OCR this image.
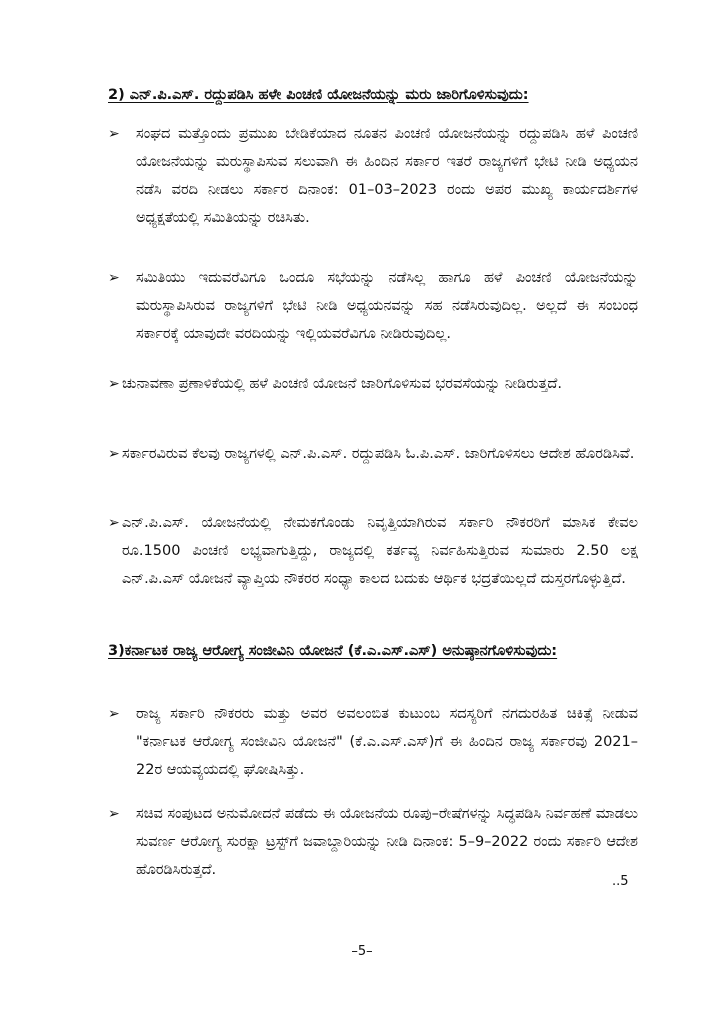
2) ಎನ್.ಪಿ.ಎಸ್. ರದ್ದುಪಡಿಸಿ ಹಳೇ ಪಿಂಚಣಿ ಯೋಜನೆಯನ್ನು ಮರು ಜಾರಿಗೊಳಿಸುವುದು:
➢ ಸಂಘದ ಮತ್ತೊಂದು ಪ್ರಮುಖ ಬೇಡಿಕೆಯಾದ ನೂತನ ಪಿಂಚಣಿ ಯೋಜನೆಯನ್ನು ರದ್ದುಪಡಿಸಿ ಹಳೆ ಪಿಂಚಣಿ ಯೋಜನೆಯನ್ನು ಮರುಸ್ಥಾಪಿಸುವ ಸಲುವಾಗಿ ಈ ಹಿಂದಿನ ಸರ್ಕಾರ ಇತರೆ ರಾಜ್ಯಗಳಿಗೆ ಭೇಟಿ ನೀಡಿ ಅಧ್ಯಯನ ನಡೆಸಿ ವರದಿ ನೀಡಲು ಸರ್ಕಾರ ದಿನಾಂಕ: 01–03–2023 ರಂದು ಅಪರ ಮುಖ್ಯ ಕಾರ್ಯದರ್ಶಿಗಳ ಅಧ್ಯಕ್ಷತೆಯಲ್ಲಿ ಸಮಿತಿಯನ್ನು ರಚಿಸಿತು.
➢ ಸಮಿತಿಯು ಇದುವರೆವಿಗೂ ಒಂದೂ ಸಭೆಯನ್ನು ನಡೆಸಿಲ್ಲ ಹಾಗೂ ಹಳೆ ಪಿಂಚಣಿ ಯೋಜನೆಯನ್ನು ಮರುಸ್ಥಾಪಿಸಿರುವ ರಾಜ್ಯಗಳಿಗೆ ಭೇಟಿ ನೀಡಿ ಅಧ್ಯಯನವನ್ನು ಸಹ ನಡೆಸಿರುವುದಿಲ್ಲ. ಅಲ್ಲದೆ ಈ ಸಂಬಂಧ ಸರ್ಕಾರಕ್ಕೆ ಯಾವುದೇ ವರದಿಯನ್ನು ಇಲ್ಲಿಯವರೆವಿಗೂ ನೀಡಿರುವುದಿಲ್ಲ.
➢ ಚುನಾವಣಾ ಪ್ರಣಾಳಿಕೆಯಲ್ಲಿ ಹಳೆ ಪಿಂಚಣಿ ಯೋಜನೆ ಜಾರಿಗೊಳಿಸುವ ಭರವಸೆಯನ್ನು ನೀಡಿರುತ್ತದೆ.
➢ ಸರ್ಕಾರವಿರುವ ಕೆಲವು ರಾಜ್ಯಗಳಲ್ಲಿ ಎನ್.ಪಿ.ಎಸ್. ರದ್ದುಪಡಿಸಿ ಓ.ಪಿ.ಎಸ್. ಜಾರಿಗೊಳಿಸಲು ಆದೇಶ ಹೊರಡಿಸಿವೆ.
➢ ಎನ್.ಪಿ.ಎಸ್. ಯೋಜನೆಯಲ್ಲಿ ನೇಮಕಗೊಂಡು ನಿವೃತ್ತಿಯಾಗಿರುವ ಸರ್ಕಾರಿ ನೌಕರರಿಗೆ ಮಾಸಿಕ ಕೇವಲ ರೂ.1500 ಪಿಂಚಣಿ ಲಭ್ಯವಾಗುತ್ತಿದ್ದು, ರಾಜ್ಯದಲ್ಲಿ ಕರ್ತವ್ಯ ನಿರ್ವಹಿಸುತ್ತಿರುವ ಸುಮಾರು 2.50 ಲಕ್ಷ ಎನ್.ಪಿ.ಎಸ್ ಯೋಜನೆ ವ್ಯಾಪ್ತಿಯ ನೌಕರರ ಸಂಧ್ಯಾ ಕಾಲದ ಬದುಕು ಆರ್ಥಿಕ ಭದ್ರತೆಯಿಲ್ಲದೆ ದುಸ್ತರಗೊಳ್ಳುತ್ತಿದೆ.
3)ಕರ್ನಾಟಕ ರಾಜ್ಯ ಆರೋಗ್ಯ ಸಂಜೀವಿನಿ ಯೋಜನೆ (ಕೆ.ಎ.ಎಸ್.ಎಸ್) ಅನುಷ್ಠಾನಗೊಳಿಸುವುದು:
➢ ರಾಜ್ಯ ಸರ್ಕಾರಿ ನೌಕರರು ಮತ್ತು ಅವರ ಅವಲಂಬಿತ ಕುಟುಂಬ ಸದಸ್ಯರಿಗೆ ನಗದುರಹಿತ ಚಿಕಿತ್ಸೆ ನೀಡುವ "ಕರ್ನಾಟಕ ಆರೋಗ್ಯ ಸಂಜೀವಿನಿ ಯೋಜನೆ" (ಕೆ.ಎ.ಎಸ್.ಎಸ್)ಗೆ ಈ ಹಿಂದಿನ ರಾಜ್ಯ ಸರ್ಕಾರವು 2021–22ರ ಆಯವ್ಯಯದಲ್ಲಿ ಘೋಷಿಸಿತ್ತು.
➢ ಸಚಿವ ಸಂಪುಟದ ಅನುಮೋದನೆ ಪಡೆದು ಈ ಯೋಜನೆಯ ರೂಪು–ರೇಷೆಗಳನ್ನು ಸಿದ್ಧಪಡಿಸಿ ನಿರ್ವಹಣೆ ಮಾಡಲು ಸುವರ್ಣ ಆರೋಗ್ಯ ಸುರಕ್ಷಾ ಟ್ರಸ್ಟ್‌ಗೆ ಜವಾಬ್ದಾರಿಯನ್ನು ನೀಡಿ ದಿನಾಂಕ: 5–9–2022 ರಂದು ಸರ್ಕಾರಿ ಆದೇಶ ಹೊರಡಿಸಿರುತ್ತದೆ.
..5
–5–
